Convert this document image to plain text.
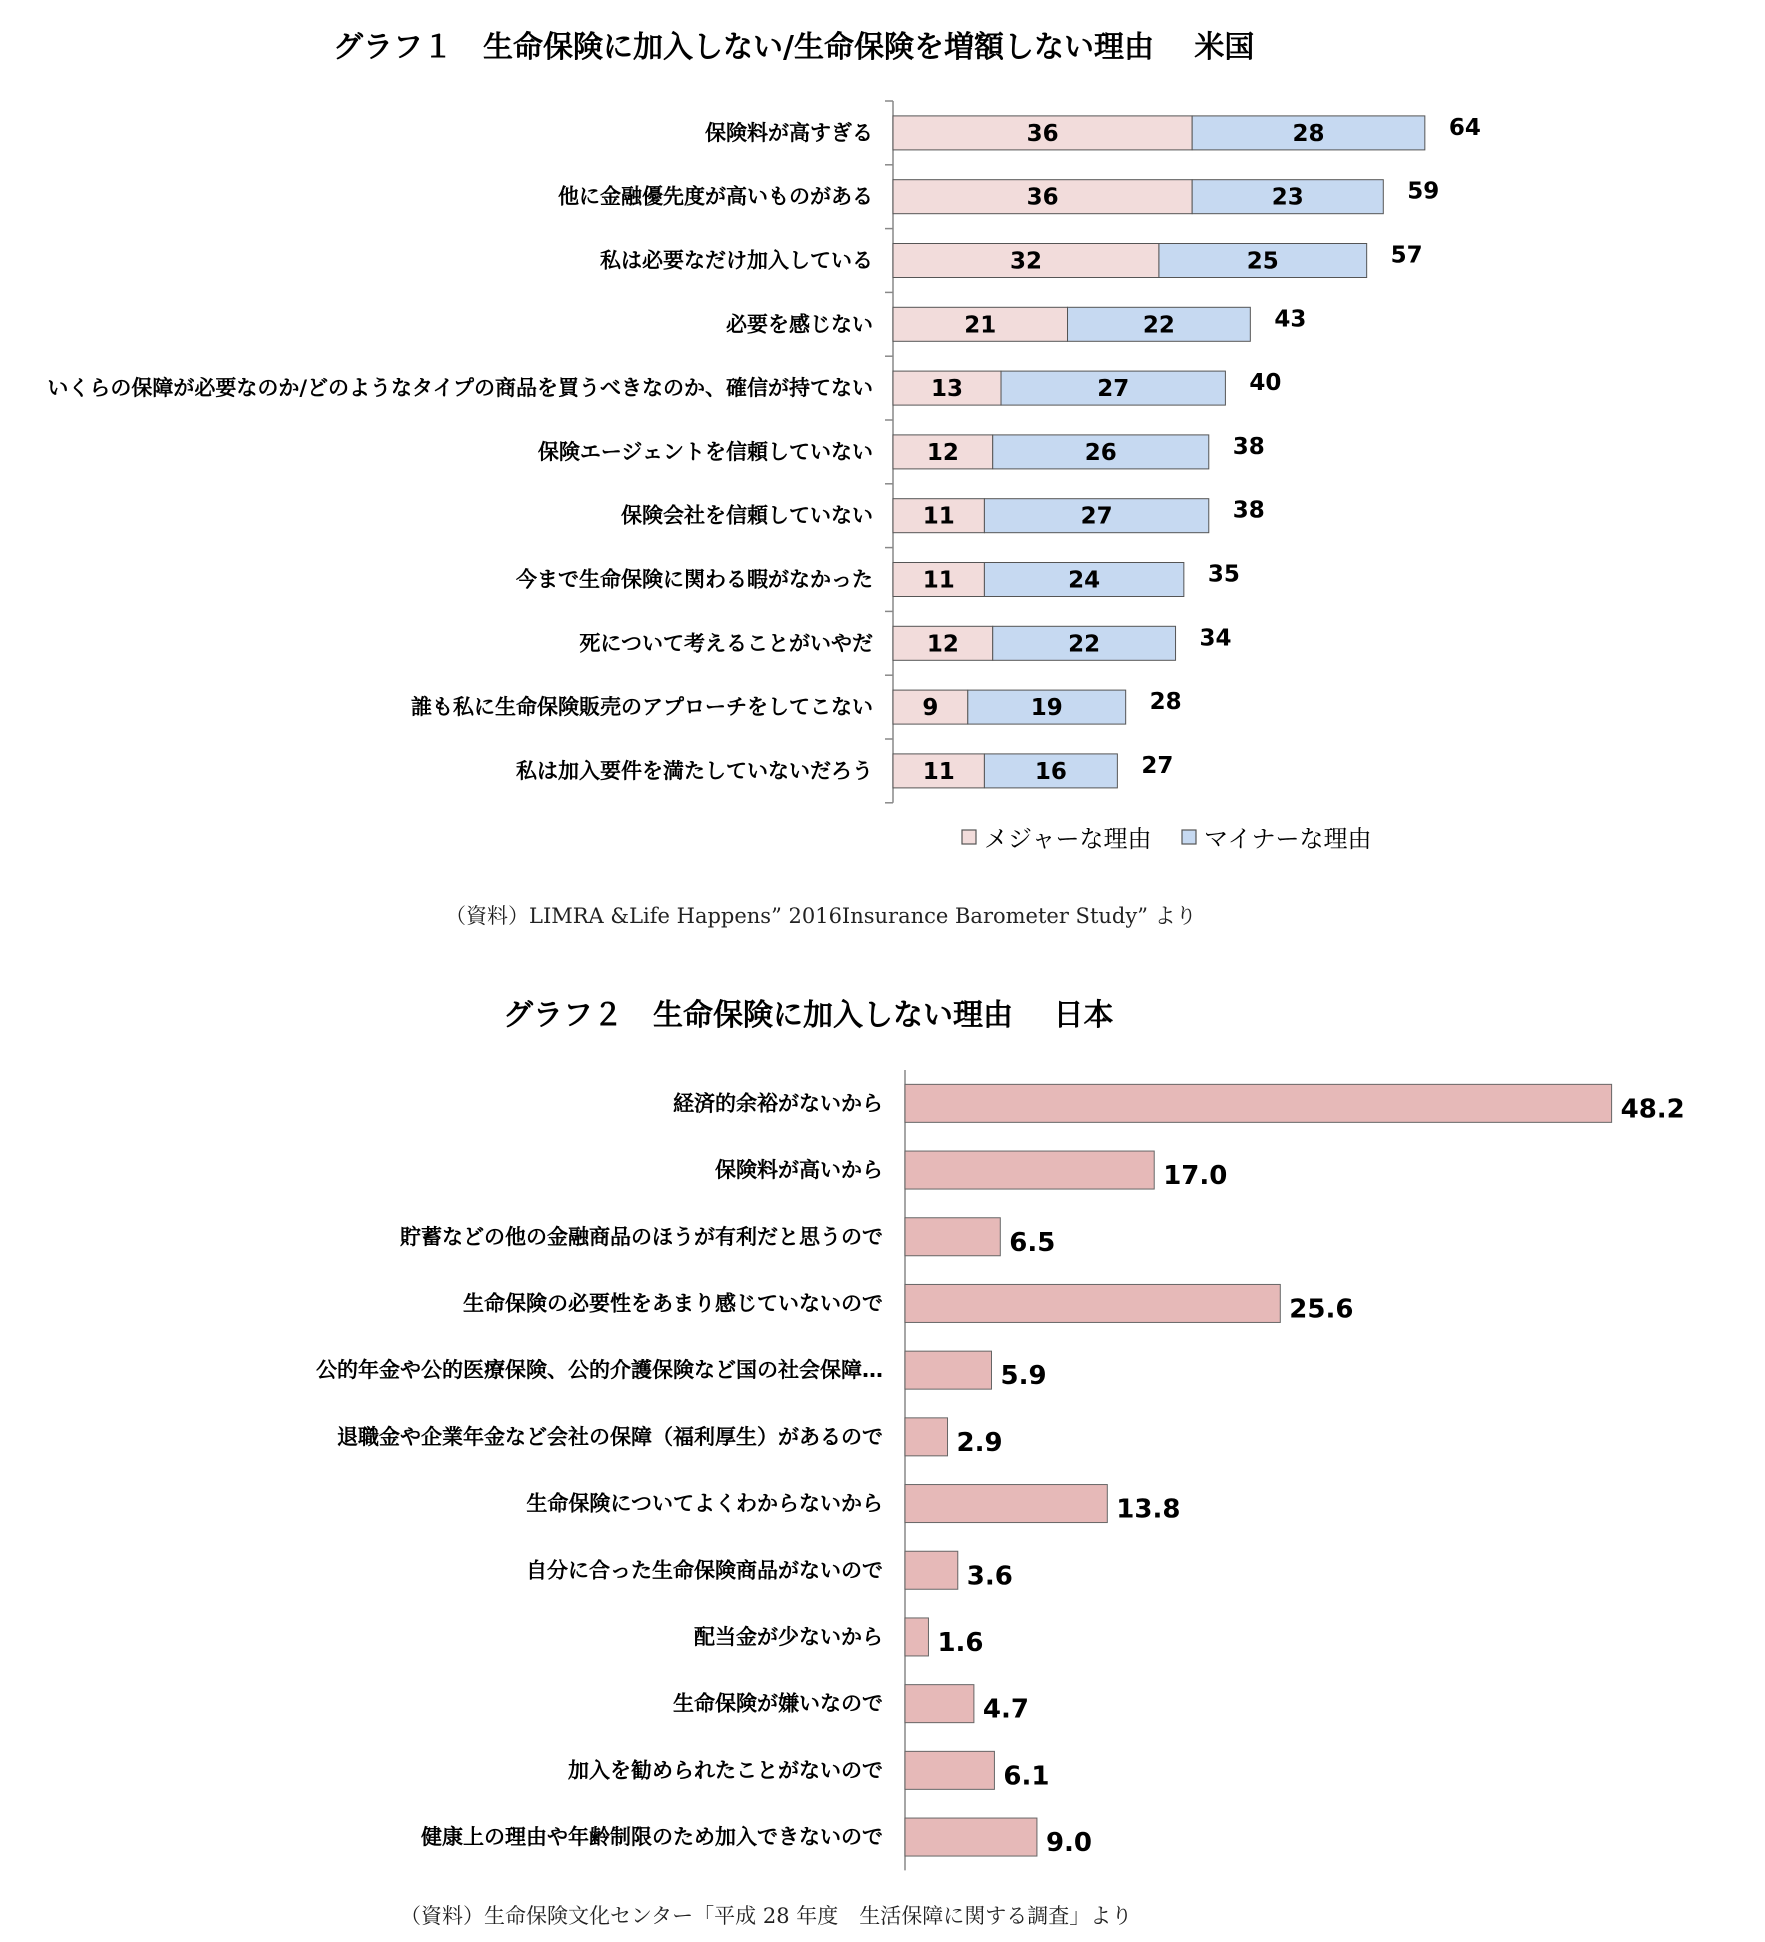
グラフ１　生命保険に加入しない/生命保険を増額しない理由　 米国
保険料が高すぎる	36	28	64
他に金融優先度が高いものがある	36	23	59
私は必要なだけ加入している	32	25	57
必要を感じない	21	22	43
いくらの保障が必要なのか/どのようなタイプの商品を買うべきなのか、確信が持てない	13	27	40
保険エージェントを信頼していない 12	26	38
保険会社を信頼していない 11	27	38
今まで生命保険に関わる暇がなかった 11	24	35
死について考えることがいやだ 12	22	34
誰も私に生命保険販売のアプローチをしてこない 9	19	28
私は加入要件を満たしていないだろう 11	16	27
メジャーな理由 マイナーな理由
（資料）LIMRA &Life Happens” 2016Insurance Barometer Study” より
グラフ２　生命保険に加入しない理由　 日本
経済的余裕がないから	48.2
保険料が高いから	17.0
貯蓄などの他の金融商品のほうが有利だと思うので	6.5
生命保険の必要性をあまり感じていないので	25.6
公的年金や公的医療保険、公的介護保険など国の社会保障…	5.9
退職金や企業年金など会社の保障（福利厚生）があるので	2.9
生命保険についてよくわからないから	13.8
自分に合った生命保険商品がないので	3.6
配当金が少ないから 1.6
生命保険が嫌いなので	4.7
加入を勧められたことがないので	6.1
健康上の理由や年齢制限のため加入できないので	9.0
（資料）生命保険文化センター「平成 28 年度　生活保障に関する調査」より
